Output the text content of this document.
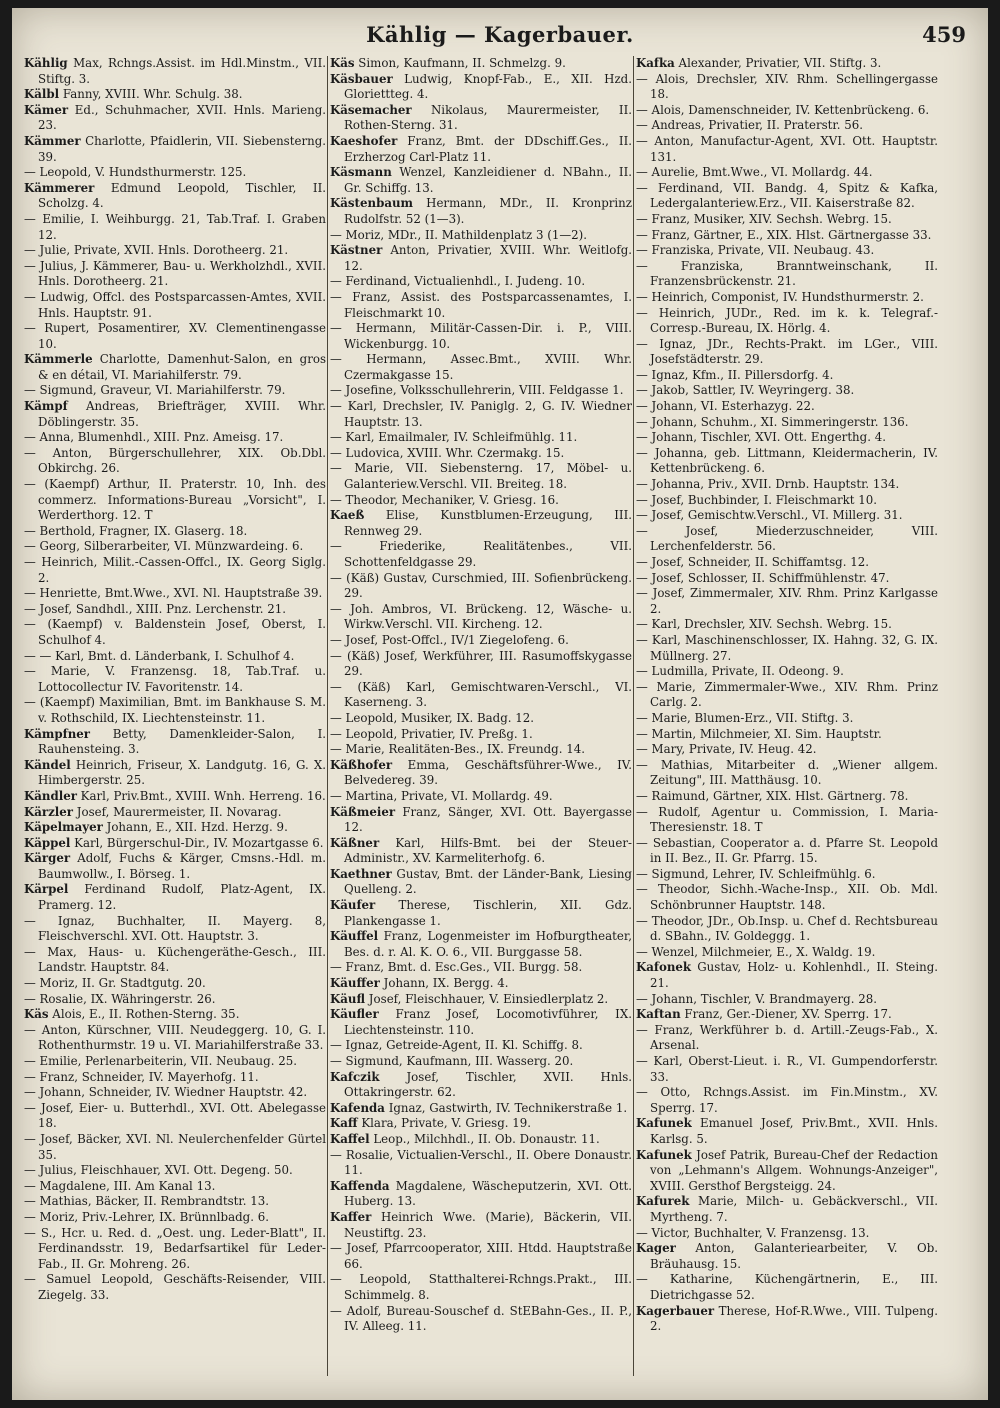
Kählig — Kagerbauer.	459

Kählig Max, Rchngs.Assist. im Hdl.Minstm., VII. Stiftg. 3.

Kälbl Fanny, XVIII. Whr. Schulg. 38.

Kämer Ed., Schuhmacher, XVII. Hnls. Marieng. 23.

Kämmer Charlotte, Pfaidlerin, VII. Siebensterng. 39.

— Leopold, V. Hundsthurmerstr. 125.

Kämmerer Edmund Leopold, Tischler, II. Scholzg. 4.

— Emilie, I. Weihburgg. 21, Tab.Traf. I. Graben 12.

— Julie, Private, XVII. Hnls. Dorotheerg. 21.

— Julius, J. Kämmerer, Bau- u. Werkholzhdl., XVII. Hnls. Dorotheerg. 21.

— Ludwig, Offcl. des Postsparcassen-Amtes, XVII. Hnls. Hauptstr. 91.

— Rupert, Posamentirer, XV. Clementinengasse 10.

Kämmerle Charlotte, Damenhut-Salon, en gros & en détail, VI. Mariahilferstr. 79.

— Sigmund, Graveur, VI. Mariahilferstr. 79.

Kämpf Andreas, Briefträger, XVIII. Whr. Döblingerstr. 35.

— Anna, Blumenhdl., XIII. Pnz. Ameisg. 17.

— Anton, Bürgerschullehrer, XIX. Ob.Dbl. Obkirchg. 26.

— (Kaempf) Arthur, II. Praterstr. 10, Inh. des commerz. Informations-Bureau „Vorsicht", I. Werderthorg. 12. T

— Berthold, Fragner, IX. Glaserg. 18.

— Georg, Silberarbeiter, VI. Münzwardeing. 6.

— Heinrich, Milit.-Cassen-Offcl., IX. Georg Siglg. 2.

— Henriette, Bmt.Wwe., XVI. Nl. Hauptstraße 39.

— Josef, Sandhdl., XIII. Pnz. Lerchenstr. 21.

— (Kaempf) v. Baldenstein Josef, Oberst, I. Schulhof 4.

— — Karl, Bmt. d. Länderbank, I. Schulhof 4.

— Marie, V. Franzensg. 18, Tab.Traf. u. Lottocollectur IV. Favoritenstr. 14.

— (Kaempf) Maximilian, Bmt. im Bankhause S. M. v. Rothschild, IX. Liechtensteinstr. 11.

Kämpfner Betty, Damenkleider-Salon, I. Rauhensteing. 3.

Kändel Heinrich, Friseur, X. Landgutg. 16, G. X. Himbergerstr. 25.

Kändler Karl, Priv.Bmt., XVIII. Wnh. Herreng. 16.

Kärzler Josef, Maurermeister, II. Novarag.

Käpelmayer Johann, E., XII. Hzd. Herzg. 9.

Käppel Karl, Bürgerschul-Dir., IV. Mozartgasse 6.

Kärger Adolf, Fuchs & Kärger, Cmsns.-Hdl. m. Baumwollw., I. Börseg. 1.

Kärpel Ferdinand Rudolf, Platz-Agent, IX. Pramerg. 12.

— Ignaz, Buchhalter, II. Mayerg. 8, Fleischverschl. XVI. Ott. Hauptstr. 3.

— Max, Haus- u. Küchengeräthe-Gesch., III. Landstr. Hauptstr. 84.

— Moriz, II. Gr. Stadtgutg. 20.

— Rosalie, IX. Währingerstr. 26.

Käs Alois, E., II. Rothen-Sterng. 35.

— Anton, Kürschner, VIII. Neudeggerg. 10, G. I. Rothenthurmstr. 19 u. VI. Mariahilferstraße 33.

— Emilie, Perlenarbeiterin, VII. Neubaug. 25.

— Franz, Schneider, IV. Mayerhofg. 11.

— Johann, Schneider, IV. Wiedner Hauptstr. 42.

— Josef, Eier- u. Butterhdl., XVI. Ott. Abelegasse 18.

— Josef, Bäcker, XVI. Nl. Neulerchenfelder Gürtel 35.

— Julius, Fleischhauer, XVI. Ott. Degeng. 50.

— Magdalene, III. Am Kanal 13.

— Mathias, Bäcker, II. Rembrandtstr. 13.

— Moriz, Priv.-Lehrer, IX. Brünnlbadg. 6.

— S., Hcr. u. Red. d. „Oest. ung. Leder-Blatt", II. Ferdinandsstr. 19, Bedarfsartikel für Leder-Fab., II. Gr. Mohreng. 26.

— Samuel Leopold, Geschäfts-Reisender, VIII. Ziegelg. 33.

Käs Simon, Kaufmann, II. Schmelzg. 9.

Käsbauer Ludwig, Knopf-Fab., E., XII. Hzd. Gloriettteg. 4.

Käsemacher Nikolaus, Maurermeister, II. Rothen-Sterng. 31.

Kaeshofer Franz, Bmt. der DDschiff.Ges., II. Erzherzog Carl-Platz 11.

Käsmann Wenzel, Kanzleidiener d. NBahn., II. Gr. Schiffg. 13.

Kästenbaum Hermann, MDr., II. Kronprinz Rudolfstr. 52 (1—3).

— Moriz, MDr., II. Mathildenplatz 3 (1—2).

Kästner Anton, Privatier, XVIII. Whr. Weitlofg. 12.

— Ferdinand, Victualienhdl., I. Judeng. 10.

— Franz, Assist. des Postsparcassenamtes, I. Fleischmarkt 10.

— Hermann, Militär-Cassen-Dir. i. P., VIII. Wickenburgg. 10.

— Hermann, Assec.Bmt., XVIII. Whr. Czermakgasse 15.

— Josefine, Volksschullehrerin, VIII. Feldgasse 1.

— Karl, Drechsler, IV. Paniglg. 2, G. IV. Wiedner Hauptstr. 13.

— Karl, Emailmaler, IV. Schleifmühlg. 11.

— Ludovica, XVIII. Whr. Czermakg. 15.

— Marie, VII. Siebensterng. 17, Möbel- u. Galanteriew.Verschl. VII. Breiteg. 18.

— Theodor, Mechaniker, V. Griesg. 16.

Kaeß Elise, Kunstblumen-Erzeugung, III. Rennweg 29.

— Friederike, Realitätenbes., VII. Schottenfeldgasse 29.

— (Käß) Gustav, Curschmied, III. Sofienbrückeng. 29.

— Joh. Ambros, VI. Brückeng. 12, Wäsche- u. Wirkw.Verschl. VII. Kircheng. 12.

— Josef, Post-Offcl., IV/1 Ziegelofeng. 6.

— (Käß) Josef, Werkführer, III. Rasumoffskygasse 29.

— (Käß) Karl, Gemischtwaren-Verschl., VI. Kaserneng. 3.

— Leopold, Musiker, IX. Badg. 12.

— Leopold, Privatier, IV. Preßg. 1.

— Marie, Realitäten-Bes., IX. Freundg. 14.

Käßhofer Emma, Geschäftsführer-Wwe., IV. Belvedereg. 39.

— Martina, Private, VI. Mollardg. 49.

Käßmeier Franz, Sänger, XVI. Ott. Bayergasse 12.

Käßner Karl, Hilfs-Bmt. bei der Steuer-Administr., XV. Karmeliterhofg. 6.

Kaethner Gustav, Bmt. der Länder-Bank, Liesing Quelleng. 2.

Käufer Therese, Tischlerin, XII. Gdz. Plankengasse 1.

Käuffel Franz, Logenmeister im Hofburgtheater, Bes. d. r. Al. K. O. 6., VII. Burggasse 58.

— Franz, Bmt. d. Esc.Ges., VII. Burgg. 58.

Käuffer Johann, IX. Bergg. 4.

Käufl Josef, Fleischhauer, V. Einsiedlerplatz 2.

Käufler Franz Josef, Locomotivführer, IX. Liechtensteinstr. 110.

— Ignaz, Getreide-Agent, II. Kl. Schiffg. 8.

— Sigmund, Kaufmann, III. Wasserg. 20.

Kafczik Josef, Tischler, XVII. Hnls. Ottakringerstr. 62.

Kafenda Ignaz, Gastwirth, IV. Technikerstraße 1.

Kaff Klara, Private, V. Griesg. 19.

Kaffel Leop., Milchhdl., II. Ob. Donaustr. 11.

— Rosalie, Victualien-Verschl., II. Obere Donaustr. 11.

Kaffenda Magdalene, Wäscheputzerin, XVI. Ott. Huberg. 13.

Kaffer Heinrich Wwe. (Marie), Bäckerin, VII. Neustiftg. 23.

— Josef, Pfarrcooperator, XIII. Htdd. Hauptstraße 66.

— Leopold, Statthalterei-Rchngs.Prakt., III. Schimmelg. 8.

— Adolf, Bureau-Souschef d. StEBahn-Ges., II. P., IV. Alleeg. 11.

Kafka Alexander, Privatier, VII. Stiftg. 3.

— Alois, Drechsler, XIV. Rhm. Schellingergasse 18.

— Alois, Damenschneider, IV. Kettenbrückeng. 6.

— Andreas, Privatier, II. Praterstr. 56.

— Anton, Manufactur-Agent, XVI. Ott. Hauptstr. 131.

— Aurelie, Bmt.Wwe., VI. Mollardg. 44.

— Ferdinand, VII. Bandg. 4, Spitz & Kafka, Ledergalanteriew.Erz., VII. Kaiserstraße 82.

— Franz, Musiker, XIV. Sechsh. Webrg. 15.

— Franz, Gärtner, E., XIX. Hlst. Gärtnergasse 33.

— Franziska, Private, VII. Neubaug. 43.

— Franziska, Branntweinschank, II. Franzensbrückenstr. 21.

— Heinrich, Componist, IV. Hundsthurmerstr. 2.

— Heinrich, JUDr., Red. im k. k. Telegraf.-Corresp.-Bureau, IX. Hörlg. 4.

— Ignaz, JDr., Rechts-Prakt. im LGer., VIII. Josefstädterstr. 29.

— Ignaz, Kfm., II. Pillersdorfg. 4.

— Jakob, Sattler, IV. Weyringerg. 38.

— Johann, VI. Esterhazyg. 22.

— Johann, Schuhm., XI. Simmeringerstr. 136.

— Johann, Tischler, XVI. Ott. Engerthg. 4.

— Johanna, geb. Littmann, Kleidermacherin, IV. Kettenbrückeng. 6.

— Johanna, Priv., XVII. Drnb. Hauptstr. 134.

— Josef, Buchbinder, I. Fleischmarkt 10.

— Josef, Gemischtw.Verschl., VI. Millerg. 31.

— Josef, Miederzuschneider, VIII. Lerchenfelderstr. 56.

— Josef, Schneider, II. Schiffamtsg. 12.

— Josef, Schlosser, II. Schiffmühlenstr. 47.

— Josef, Zimmermaler, XIV. Rhm. Prinz Karlgasse 2.

— Karl, Drechsler, XIV. Sechsh. Webrg. 15.

— Karl, Maschinenschlosser, IX. Hahng. 32, G. IX. Müllnerg. 27.

— Ludmilla, Private, II. Odeong. 9.

— Marie, Zimmermaler-Wwe., XIV. Rhm. Prinz Carlg. 2.

— Marie, Blumen-Erz., VII. Stiftg. 3.

— Martin, Milchmeier, XI. Sim. Hauptstr.

— Mary, Private, IV. Heug. 42.

— Mathias, Mitarbeiter d. „Wiener allgem. Zeitung", III. Matthäusg. 10.

— Raimund, Gärtner, XIX. Hlst. Gärtnerg. 78.

— Rudolf, Agentur u. Commission, I. Maria-Theresienstr. 18. T

— Sebastian, Cooperator a. d. Pfarre St. Leopold in II. Bez., II. Gr. Pfarrg. 15.

— Sigmund, Lehrer, IV. Schleifmühlg. 6.

— Theodor, Sichh.-Wache-Insp., XII. Ob. Mdl. Schönbrunner Hauptstr. 148.

— Theodor, JDr., Ob.Insp. u. Chef d. Rechtsbureau d. SBahn., IV. Goldeggg. 1.

— Wenzel, Milchmeier, E., X. Waldg. 19.

Kafonek Gustav, Holz- u. Kohlenhdl., II. Steing. 21.

— Johann, Tischler, V. Brandmayerg. 28.

Kaftan Franz, Ger.-Diener, XV. Sperrg. 17.

— Franz, Werkführer b. d. Artill.-Zeugs-Fab., X. Arsenal.

— Karl, Oberst-Lieut. i. R., VI. Gumpendorferstr. 33.

— Otto, Rchngs.Assist. im Fin.Minstm., XV. Sperrg. 17.

Kafunek Emanuel Josef, Priv.Bmt., XVII. Hnls. Karlsg. 5.

Kafunek Josef Patrik, Bureau-Chef der Redaction von „Lehmann's Allgem. Wohnungs-Anzeiger", XVIII. Gersthof Bergsteigg. 24.

Kafurek Marie, Milch- u. Gebäckverschl., VII. Myrtheng. 7.

— Victor, Buchhalter, V. Franzensg. 13.

Kager Anton, Galanteriearbeiter, V. Ob. Bräuhausg. 15.

— Katharine, Küchengärtnerin, E., III. Dietrichgasse 52.

Kagerbauer Therese, Hof-R.Wwe., VIII. Tulpeng. 2.
